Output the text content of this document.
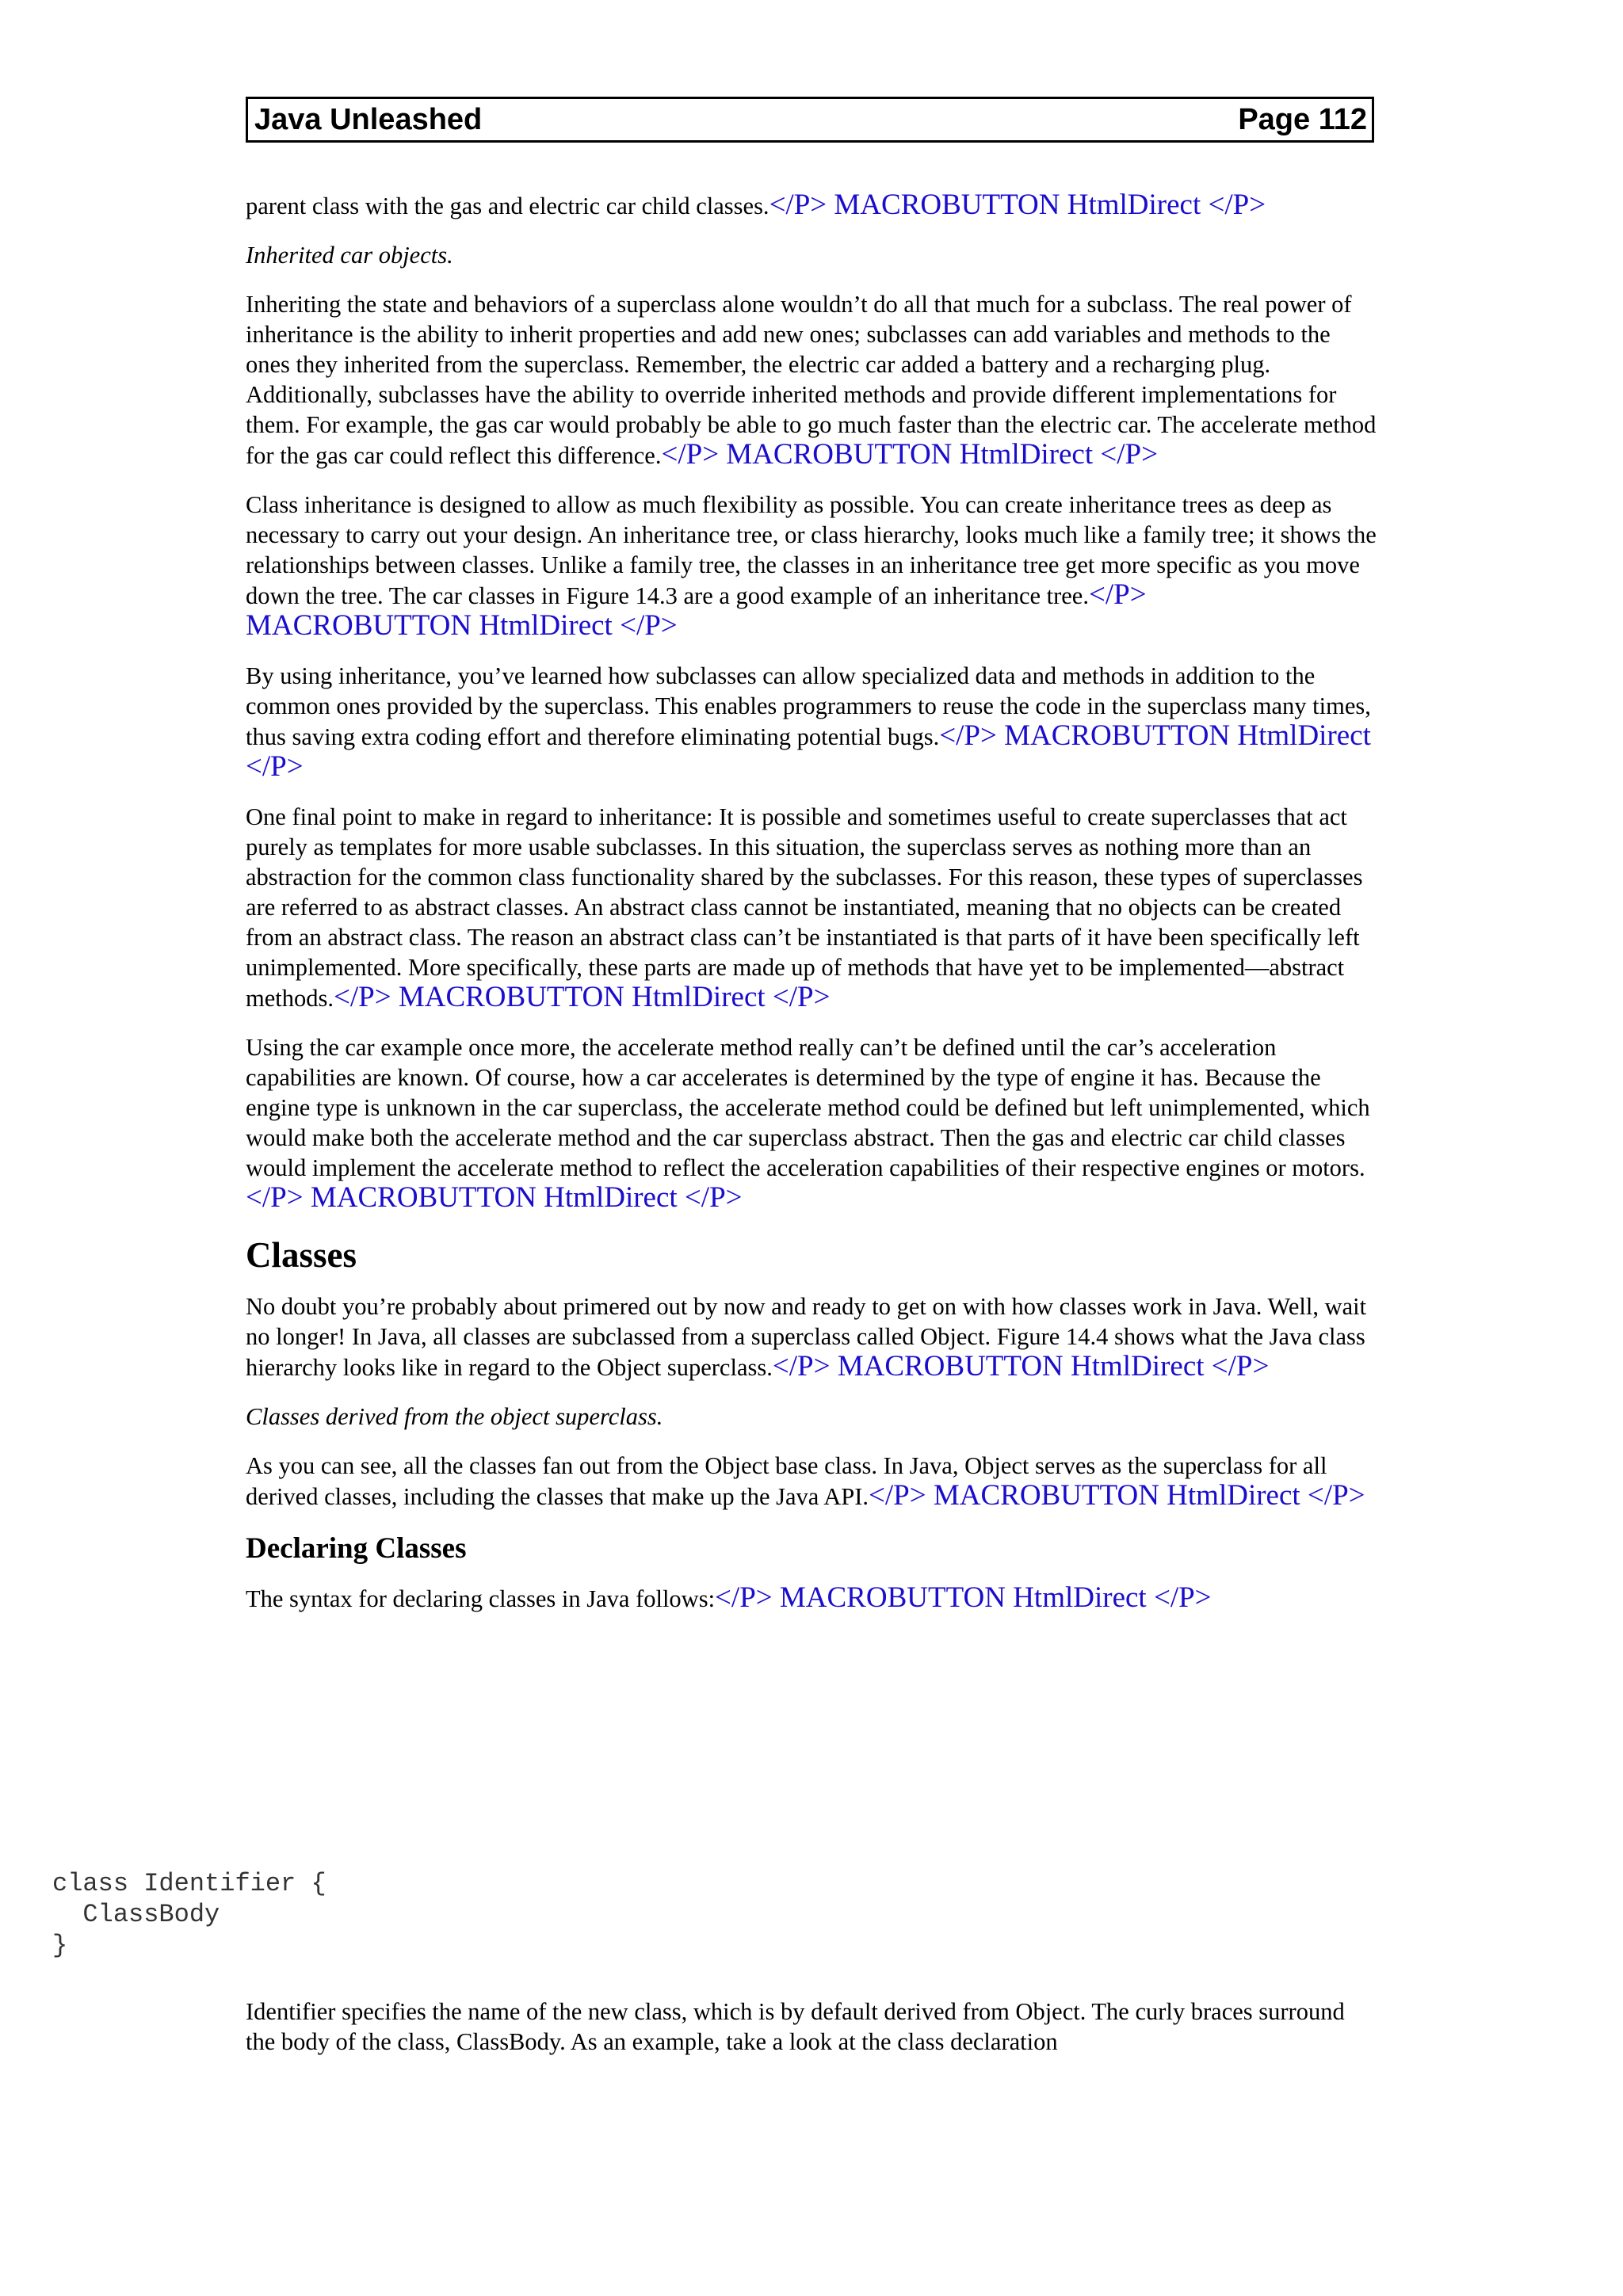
Java Unleashed	Page 112

parent class with the gas and electric car child classes.</P> MACROBUTTON HtmlDirect </P>

Inherited car objects.

Inheriting the state and behaviors of a superclass alone wouldn’t do all that much for a subclass. The real power of inheritance is the ability to inherit properties and add new ones; subclasses can add variables and methods to the ones they inherited from the superclass. Remember, the electric car added a battery and a recharging plug. Additionally, subclasses have the ability to override inherited methods and provide different implementations for them. For example, the gas car would probably be able to go much faster than the electric car. The accelerate method for the gas car could reflect this difference.</P> MACROBUTTON HtmlDirect </P>

Class inheritance is designed to allow as much flexibility as possible. You can create inheritance trees as deep as necessary to carry out your design. An inheritance tree, or class hierarchy, looks much like a family tree; it shows the relationships between classes. Unlike a family tree, the classes in an inheritance tree get more specific as you move down the tree. The car classes in Figure 14.3 are a good example of an inheritance tree.</P> MACROBUTTON HtmlDirect </P>

By using inheritance, you’ve learned how subclasses can allow specialized data and methods in addition to the common ones provided by the superclass. This enables programmers to reuse the code in the superclass many times, thus saving extra coding effort and therefore eliminating potential bugs.</P> MACROBUTTON HtmlDirect </P>

One final point to make in regard to inheritance: It is possible and sometimes useful to create superclasses that act purely as templates for more usable subclasses. In this situation, the superclass serves as nothing more than an abstraction for the common class functionality shared by the subclasses. For this reason, these types of superclasses are referred to as abstract classes. An abstract class cannot be instantiated, meaning that no objects can be created from an abstract class. The reason an abstract class can’t be instantiated is that parts of it have been specifically left unimplemented. More specifically, these parts are made up of methods that have yet to be implemented—abstract methods.</P> MACROBUTTON HtmlDirect </P>

Using the car example once more, the accelerate method really can’t be defined until the car’s acceleration capabilities are known. Of course, how a car accelerates is determined by the type of engine it has. Because the engine type is unknown in the car superclass, the accelerate method could be defined but left unimplemented, which would make both the accelerate method and the car superclass abstract. Then the gas and electric car child classes would implement the accelerate method to reflect the acceleration capabilities of their respective engines or motors.</P> MACROBUTTON HtmlDirect </P>

Classes

No doubt you’re probably about primered out by now and ready to get on with how classes work in Java. Well, wait no longer! In Java, all classes are subclassed from a superclass called Object. Figure 14.4 shows what the Java class hierarchy looks like in regard to the Object superclass.</P> MACROBUTTON HtmlDirect </P>

Classes derived from the object superclass.

As you can see, all the classes fan out from the Object base class. In Java, Object serves as the superclass for all derived classes, including the classes that make up the Java API.</P> MACROBUTTON HtmlDirect </P>

Declaring Classes

The syntax for declaring classes in Java follows:</P> MACROBUTTON HtmlDirect </P>

class Identifier {
ClassBody
}

Identifier specifies the name of the new class, which is by default derived from Object. The curly braces surround the body of the class, ClassBody. As an example, take a look at the class declaration
